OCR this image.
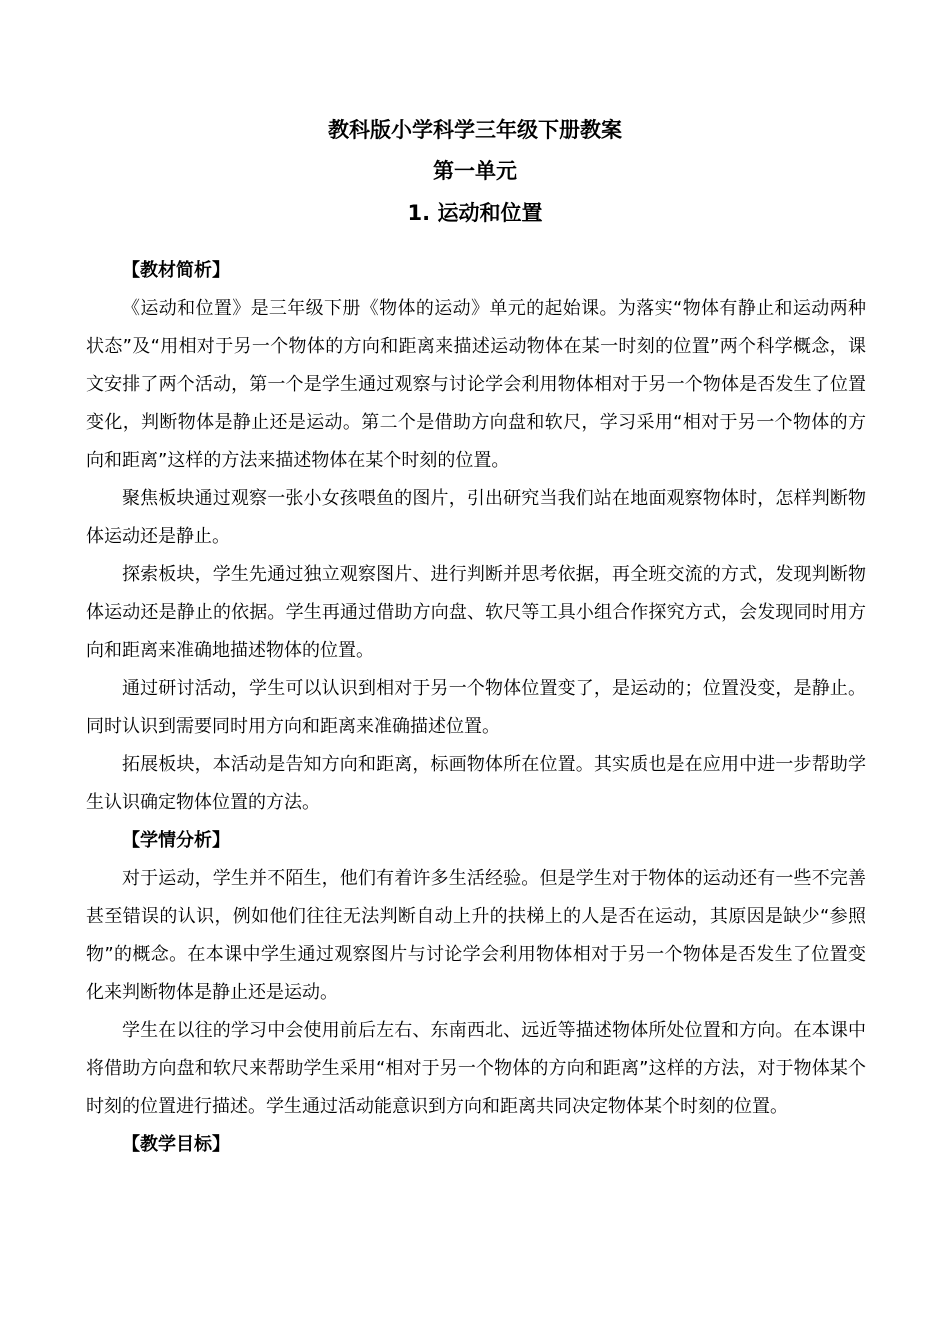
教科版小学科学三年级下册教案
第一单元
1. 运动和位置

【教材简析】

《运动和位置》是三年级下册《物体的运动》单元的起始课。为落实“物体有静止和运动两种状态”及“用相对于另一个物体的方向和距离来描述运动物体在某一时刻的位置”两个科学概念，课文安排了两个活动，第一个是学生通过观察与讨论学会利用物体相对于另一个物体是否发生了位置变化，判断物体是静止还是运动。第二个是借助方向盘和软尺，学习采用“相对于另一个物体的方向和距离”这样的方法来描述物体在某个时刻的位置。

聚焦板块通过观察一张小女孩喂鱼的图片，引出研究当我们站在地面观察物体时，怎样判断物体运动还是静止。

探索板块，学生先通过独立观察图片、进行判断并思考依据，再全班交流的方式，发现判断物体运动还是静止的依据。学生再通过借助方向盘、软尺等工具小组合作探究方式，会发现同时用方向和距离来准确地描述物体的位置。

通过研讨活动，学生可以认识到相对于另一个物体位置变了，是运动的；位置没变，是静止。同时认识到需要同时用方向和距离来准确描述位置。

拓展板块，本活动是告知方向和距离，标画物体所在位置。其实质也是在应用中进一步帮助学生认识确定物体位置的方法。

【学情分析】

对于运动，学生并不陌生，他们有着许多生活经验。但是学生对于物体的运动还有一些不完善甚至错误的认识，例如他们往往无法判断自动上升的扶梯上的人是否在运动，其原因是缺少“参照物”的概念。在本课中学生通过观察图片与讨论学会利用物体相对于另一个物体是否发生了位置变化来判断物体是静止还是运动。

学生在以往的学习中会使用前后左右、东南西北、远近等描述物体所处位置和方向。在本课中将借助方向盘和软尺来帮助学生采用“相对于另一个物体的方向和距离”这样的方法，对于物体某个时刻的位置进行描述。学生通过活动能意识到方向和距离共同决定物体某个时刻的位置。

【教学目标】
